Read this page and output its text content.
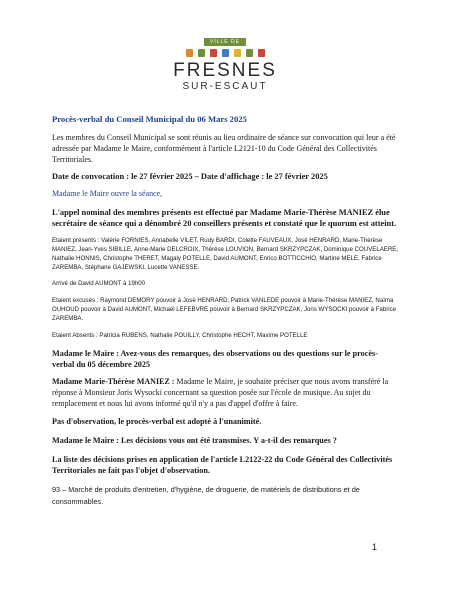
VILLE DE
FRESNES
SUR-ESCAUT

Procès-verbal du Conseil Municipal du 06 Mars 2025

Les membres du Conseil Municipal se sont réunis au lieu ordinaire de séance sur convocation qui leur a été adressée par Madame le Maire, conformément à l'article L2121-10 du Code Général des Collectivités Territoriales.

Date de convocation : le 27 février 2025 – Date d'affichage : le 27 février 2025

Madame le Maire ouvre la séance,

L'appel nominal des membres présents est effectué par Madame Marie-Thérèse MANIEZ élue secrétaire de séance qui a dénombré 20 conseillers présents et constaté que le quorum est atteint.

Etaient présents : Valérie FORNIES, Annabelle VILET, Rudy BARDI, Colette FAUVEAUX, José HENRARD, Marie-Thérèse MANIEZ, Jean-Yves SIBILLE, Anne-Marie DELCROIX, Thérèse LOUVION, Bernard SKRZYPCZAK, Dominique COUVELAERE, Nathalie HONNIS, Christophe THERET, Magaly POTELLE, David AUMONT, Enrico BOTTICCHIO, Martine MELE, Fabrice ZAREMBA, Stéphane GAJEWSKI, Lucette VANESSE.

Arrivé de David AUMONT à 19h00

Etaient excusés : Raymond DEMORY pouvoir à José HENRARD, Patrick VANLEDE pouvoir à Marie-Thérèse MANIEZ, Naïma OUHOUD pouvoir à David AUMONT, Michaël LEFEBVRE pouvoir à Bernard SKRZYPCZAK, Joris WYSOCKI pouvoir à Fabrice ZAREMBA.

Etaient Absents : Patricia RUBENS, Nathalie POUILLY, Christophe HECHT, Maxime POTELLE

Madame le Maire : Avez-vous des remarques, des observations ou des questions sur le procès-verbal du 05 décembre 2025

Madame Marie-Thérèse MANIEZ : Madame le Maire, je souhaite préciser que nous avons transféré la réponse à Monsieur Joris Wysocki concernant sa question posée sur l'école de musique. Au sujet du remplacement et nous lui avons informé qu'il n'y a pas d'appel d'offre à faire.

Pas d'observation, le procès-verbal est adopté à l'unanimité.

Madame le Maire : Les décisions vous ont été transmises. Y a-t-il des remarques ?

La liste des décisions prises en application de l'article L2122-22 du Code Général des Collectivités Territoriales ne fait pas l'objet d'observation.

93 – Marché de produits d'entretien, d'hygiène, de droguerie, de matériels de distributions et de consommables.

1
